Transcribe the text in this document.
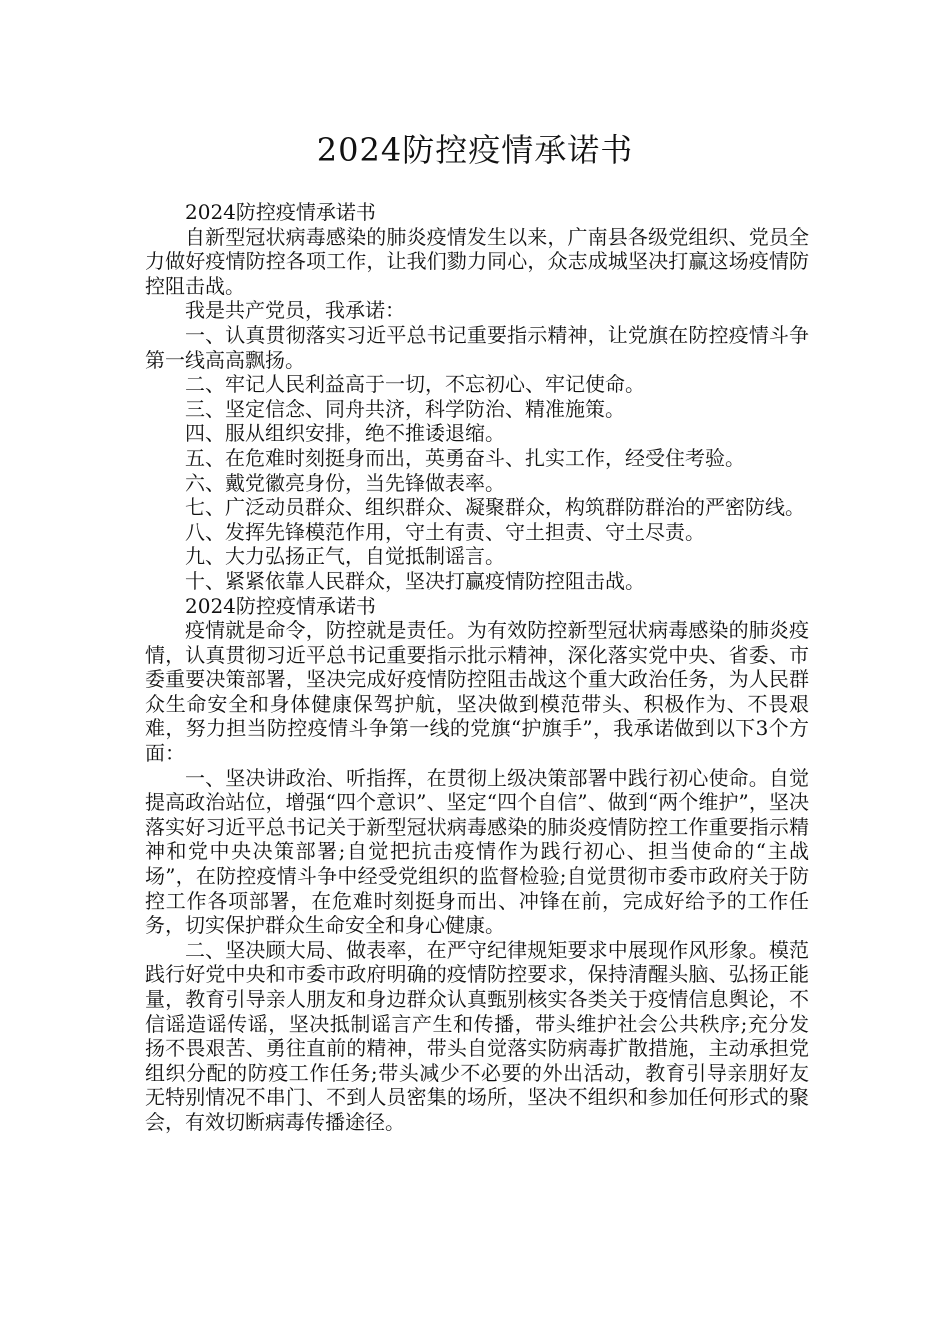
2024防控疫情承诺书

2024防控疫情承诺书

自新型冠状病毒感染的肺炎疫情发生以来，广南县各级党组织、党员全力做好疫情防控各项工作，让我们勠力同心，众志成城坚决打赢这场疫情防控阻击战。

我是共产党员，我承诺：

一、认真贯彻落实习近平总书记重要指示精神，让党旗在防控疫情斗争第一线高高飘扬。

二、牢记人民利益高于一切，不忘初心、牢记使命。

三、坚定信念、同舟共济，科学防治、精准施策。

四、服从组织安排，绝不推诿退缩。

五、在危难时刻挺身而出，英勇奋斗、扎实工作，经受住考验。

六、戴党徽亮身份，当先锋做表率。

七、广泛动员群众、组织群众、凝聚群众，构筑群防群治的严密防线。

八、发挥先锋模范作用，守土有责、守土担责、守土尽责。

九、大力弘扬正气，自觉抵制谣言。

十、紧紧依靠人民群众，坚决打赢疫情防控阻击战。

2024防控疫情承诺书

疫情就是命令，防控就是责任。为有效防控新型冠状病毒感染的肺炎疫情，认真贯彻习近平总书记重要指示批示精神，深化落实党中央、省委、市委重要决策部署，坚决完成好疫情防控阻击战这个重大政治任务，为人民群众生命安全和身体健康保驾护航，坚决做到模范带头、积极作为、不畏艰难，努力担当防控疫情斗争第一线的党旗“护旗手”，我承诺做到以下3个方面：

一、坚决讲政治、听指挥，在贯彻上级决策部署中践行初心使命。自觉提高政治站位，增强“四个意识”、坚定“四个自信”、做到“两个维护”，坚决落实好习近平总书记关于新型冠状病毒感染的肺炎疫情防控工作重要指示精神和党中央决策部署;自觉把抗击疫情作为践行初心、担当使命的“主战场”，在防控疫情斗争中经受党组织的监督检验;自觉贯彻市委市政府关于防控工作各项部署，在危难时刻挺身而出、冲锋在前，完成好给予的工作任务，切实保护群众生命安全和身心健康。

二、坚决顾大局、做表率，在严守纪律规矩要求中展现作风形象。模范践行好党中央和市委市政府明确的疫情防控要求，保持清醒头脑、弘扬正能量，教育引导亲人朋友和身边群众认真甄别核实各类关于疫情信息舆论，不信谣造谣传谣，坚决抵制谣言产生和传播，带头维护社会公共秩序;充分发扬不畏艰苦、勇往直前的精神，带头自觉落实防病毒扩散措施，主动承担党组织分配的防疫工作任务;带头减少不必要的外出活动，教育引导亲朋好友无特别情况不串门、不到人员密集的场所，坚决不组织和参加任何形式的聚会，有效切断病毒传播途径。
